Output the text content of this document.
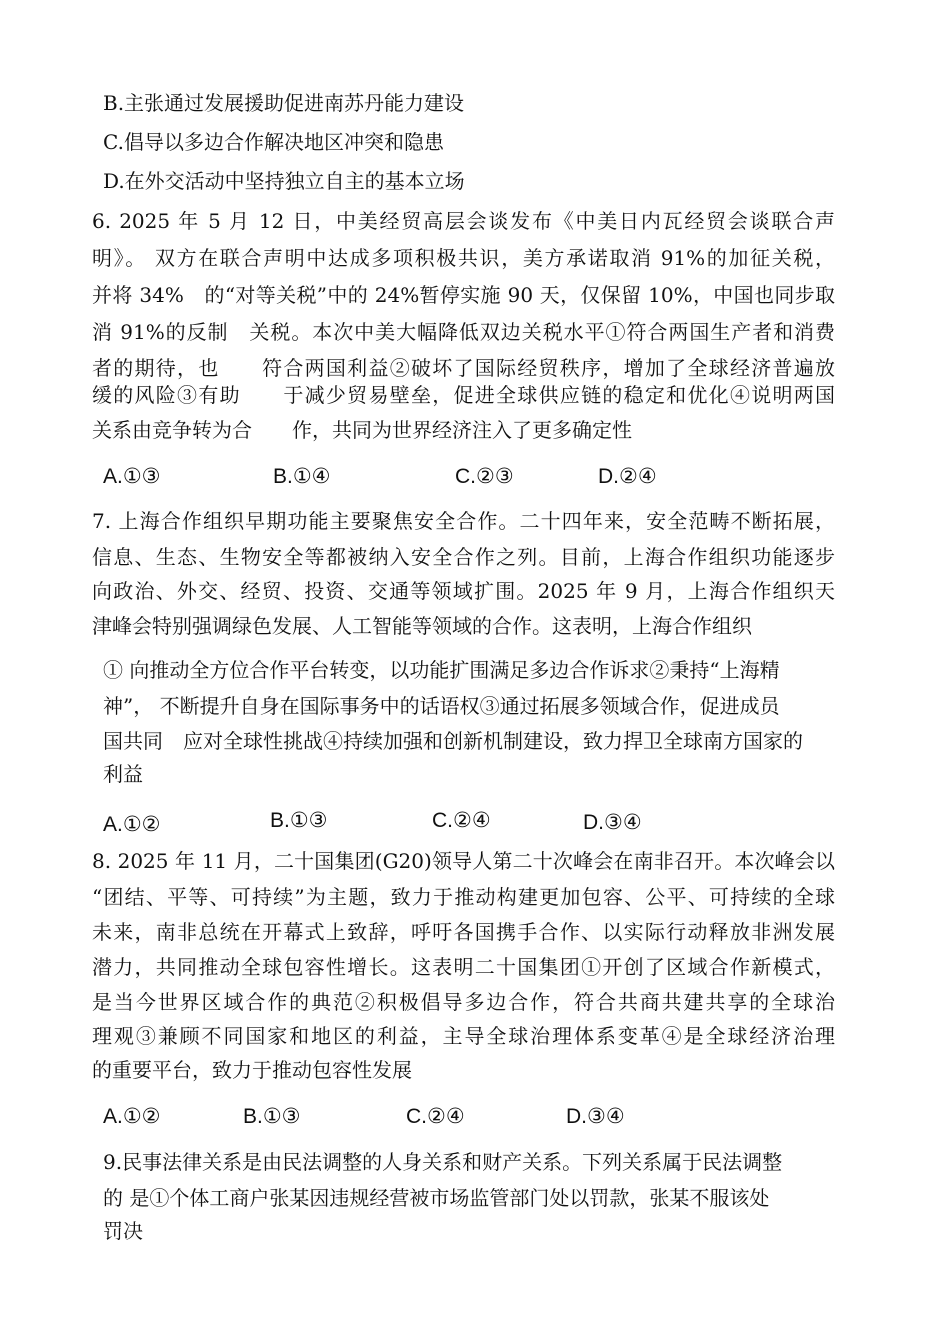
B.主张通过发展援助促进南苏丹能力建设
C.倡导以多边合作解决地区冲突和隐患
D.在外交活动中坚持独立自主的基本立场
6. 2025 年 5 月 12 日，中美经贸高层会谈发布《中美日内瓦经贸会谈联合声
明》。 双方在联合声明中达成多项积极共识，美方承诺取消 91%的加征关税，
并将 34%　的“对等关税”中的 24%暂停实施 90 天，仅保留 10%，中国也同步取
消 91%的反制　关税。本次中美大幅降低双边关税水平①符合两国生产者和消费
者的期待，也　　符合两国利益②破坏了国际经贸秩序，增加了全球经济普遍放
缓的风险③有助　　于减少贸易壁垒，促进全球供应链的稳定和优化④说明两国
关系由竞争转为合　　作，共同为世界经济注入了更多确定性
A.①③	B.①④	C.②③	D.②④
7. 上海合作组织早期功能主要聚焦安全合作。二十四年来，安全范畴不断拓展，
信息、生态、生物安全等都被纳入安全合作之列。目前，上海合作组织功能逐步
向政治、外交、经贸、投资、交通等领域扩围。2025 年 9 月，上海合作组织天
津峰会特别强调绿色发展、人工智能等领域的合作。这表明，上海合作组织
① 向推动全方位合作平台转变，以功能扩围满足多边合作诉求②秉持“上海精
神”， 不断提升自身在国际事务中的话语权③通过拓展多领域合作，促进成员
国共同　应对全球性挑战④持续加强和创新机制建设，致力捍卫全球南方国家的
利益
A.①②	B.①③	C.②④	D.③④
8. 2025 年 11 月，二十国集团(G20)领导人第二十次峰会在南非召开。本次峰会以
“团结、平等、可持续”为主题，致力于推动构建更加包容、公平、可持续的全球
未来，南非总统在开幕式上致辞，呼吁各国携手合作、以实际行动释放非洲发展
潜力，共同推动全球包容性增长。这表明二十国集团①开创了区域合作新模式，
是当今世界区域合作的典范②积极倡导多边合作，符合共商共建共享的全球治
理观③兼顾不同国家和地区的利益，主导全球治理体系变革④是全球经济治理
的重要平台，致力于推动包容性发展
A.①②	B.①③	C.②④	D.③④
9.民事法律关系是由民法调整的人身关系和财产关系。下列关系属于民法调整
的 是①个体工商户张某因违规经营被市场监管部门处以罚款，张某不服该处
罚决
